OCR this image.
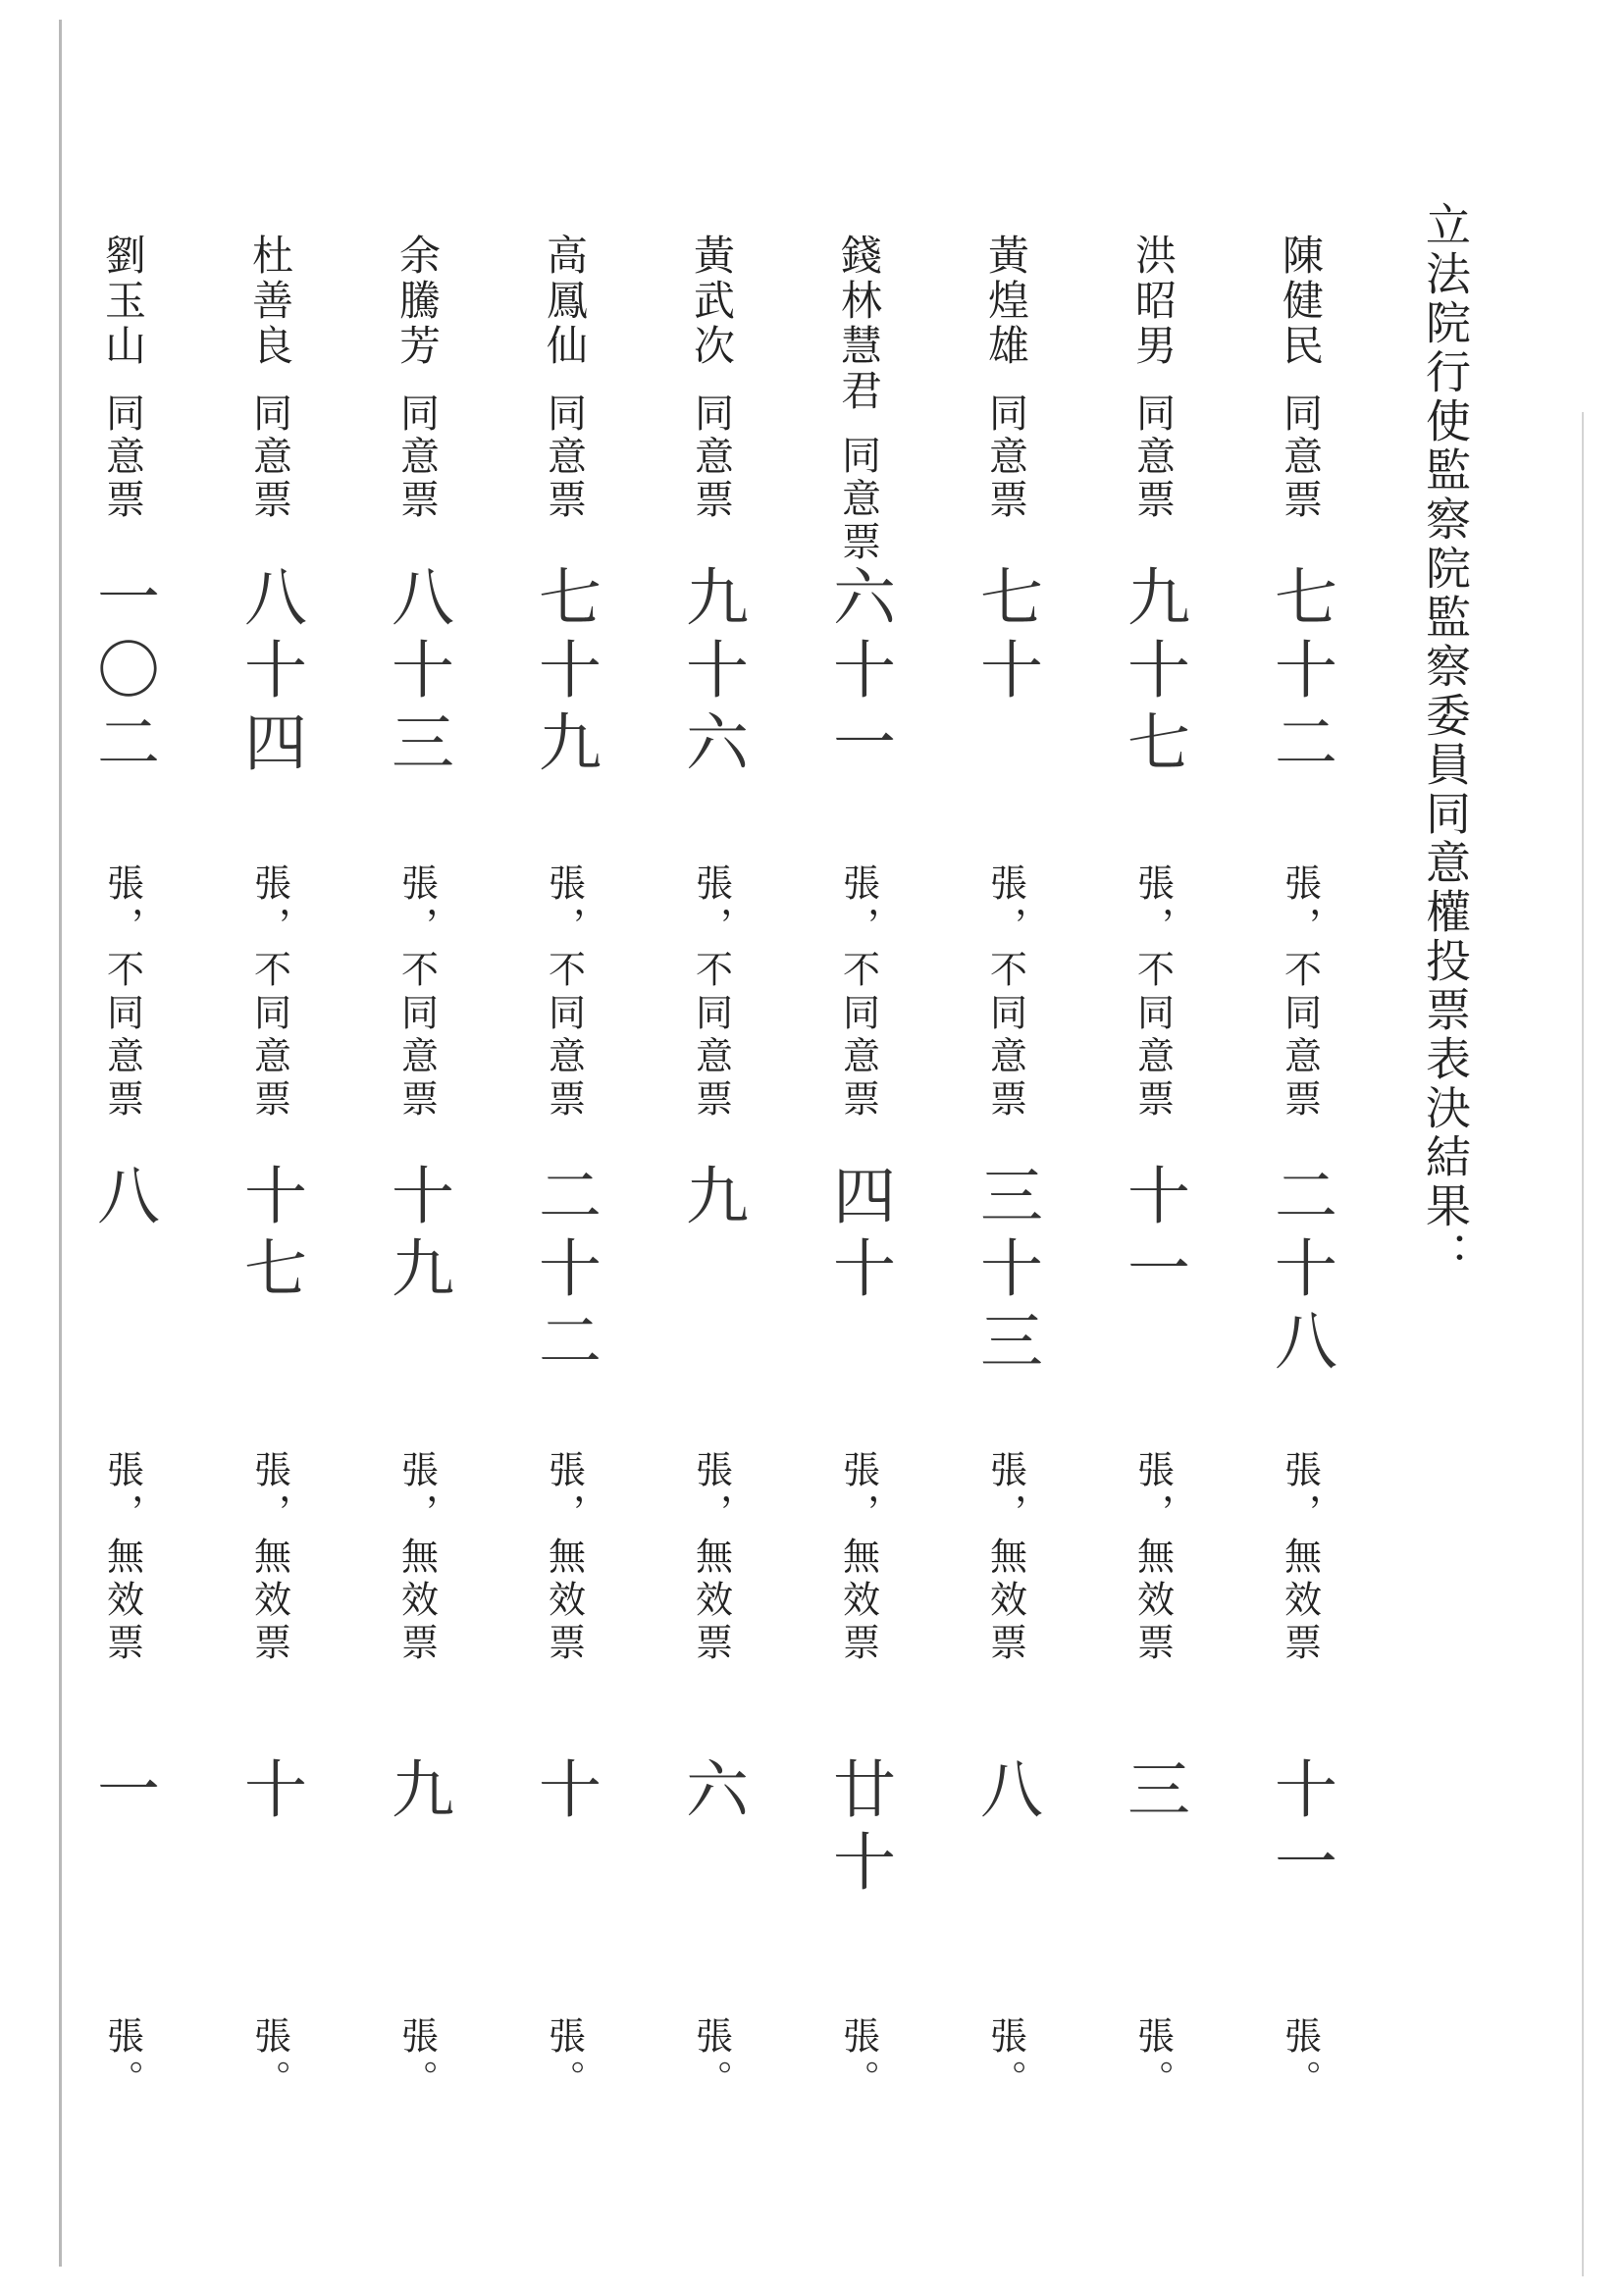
立法院行使監察院監察委員同意權投票表決結果：
陳健民
同意票
七十二
張，不同意票
二十八
張，無效票
十一
張。
洪昭男
同意票
九十七
張，不同意票
十一
張，無效票
三
張。
黃煌雄
同意票
七十
張，不同意票
三十三
張，無效票
八
張。
錢林慧君
同意票
六十一
張，不同意票
四十
張，無效票
廿十
張。
黃武次
同意票
九十六
張，不同意票
九
張，無效票
六
張。
高鳳仙
同意票
七十九
張，不同意票
二十二
張，無效票
十
張。
余騰芳
同意票
八十三
張，不同意票
十九
張，無效票
九
張。
杜善良
同意票
八十四
張，不同意票
十七
張，無效票
十
張。
劉玉山
同意票
一〇二
張，不同意票
八
張，無效票
一
張。
